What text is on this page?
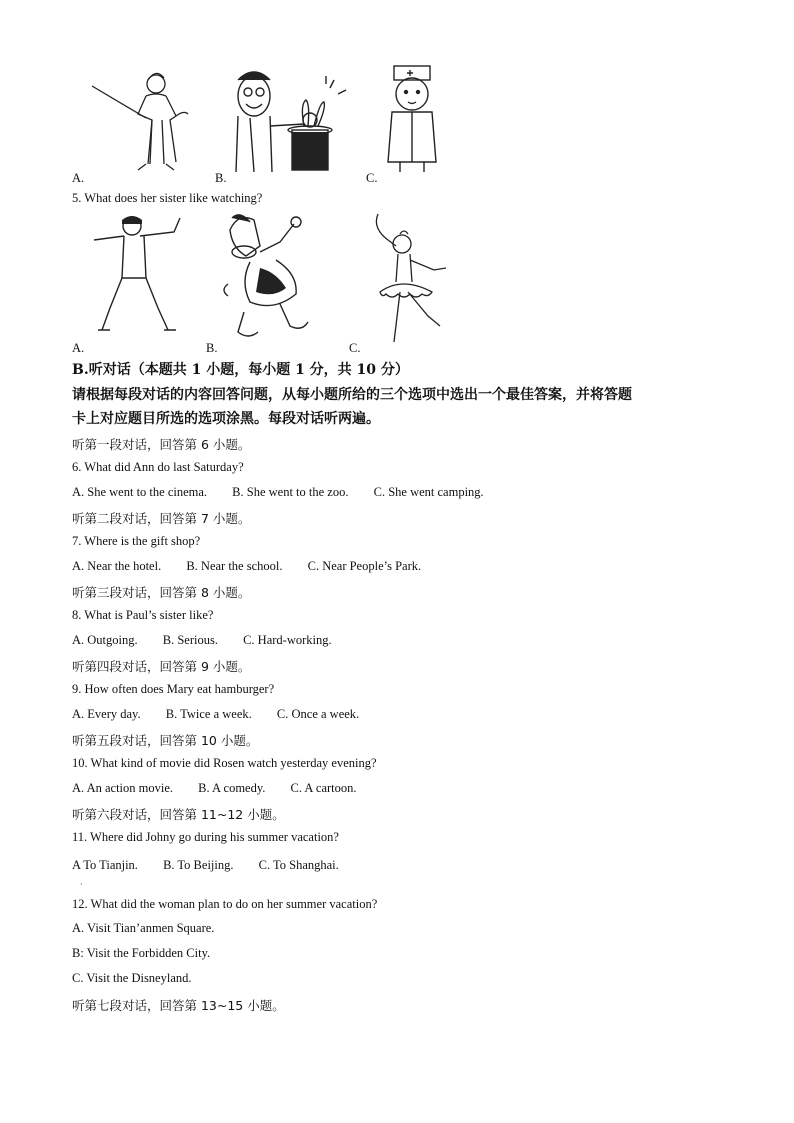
A.	B.	C.
5. What does her sister like watching?
A.	B.	C.
B.听对话（本题共 1 小题，每小题 1 分，共 10 分）
请根据每段对话的内容回答问题，从每小题所给的三个选项中选出一个最佳答案，并将答题
卡上对应题目所选的选项涂黑。每段对话听两遍。
听第一段对话，回答第 6 小题。
6. What did Ann do last Saturday?
A. She went to the cinema. B. She went to the zoo. C. She went camping.
听第二段对话，回答第 7 小题。
7. Where is the gift shop?
A. Near the hotel. B. Near the school. C. Near People’s Park.
听第三段对话，回答第 8 小题。
8. What is Paul’s sister like?
A. Outgoing. B. Serious. C. Hard-working.
听第四段对话，回答第 9 小题。
9. How often does Mary eat hamburger?
A. Every day. B. Twice a week. C. Once a week.
听第五段对话，回答第 10 小题。
10. What kind of movie did Rosen watch yesterday evening?
A. An action movie. B. A comedy. C. A cartoon.
听第六段对话，回答第 11~12 小题。
11. Where did Johny go during his summer vacation?
A To Tianjin. B. To Beijing. C. To Shanghai.
·
12. What did the woman plan to do on her summer vacation?
A. Visit Tian’anmen Square.
B: Visit the Forbidden City.
C. Visit the Disneyland.
听第七段对话，回答第 13~15 小题。
